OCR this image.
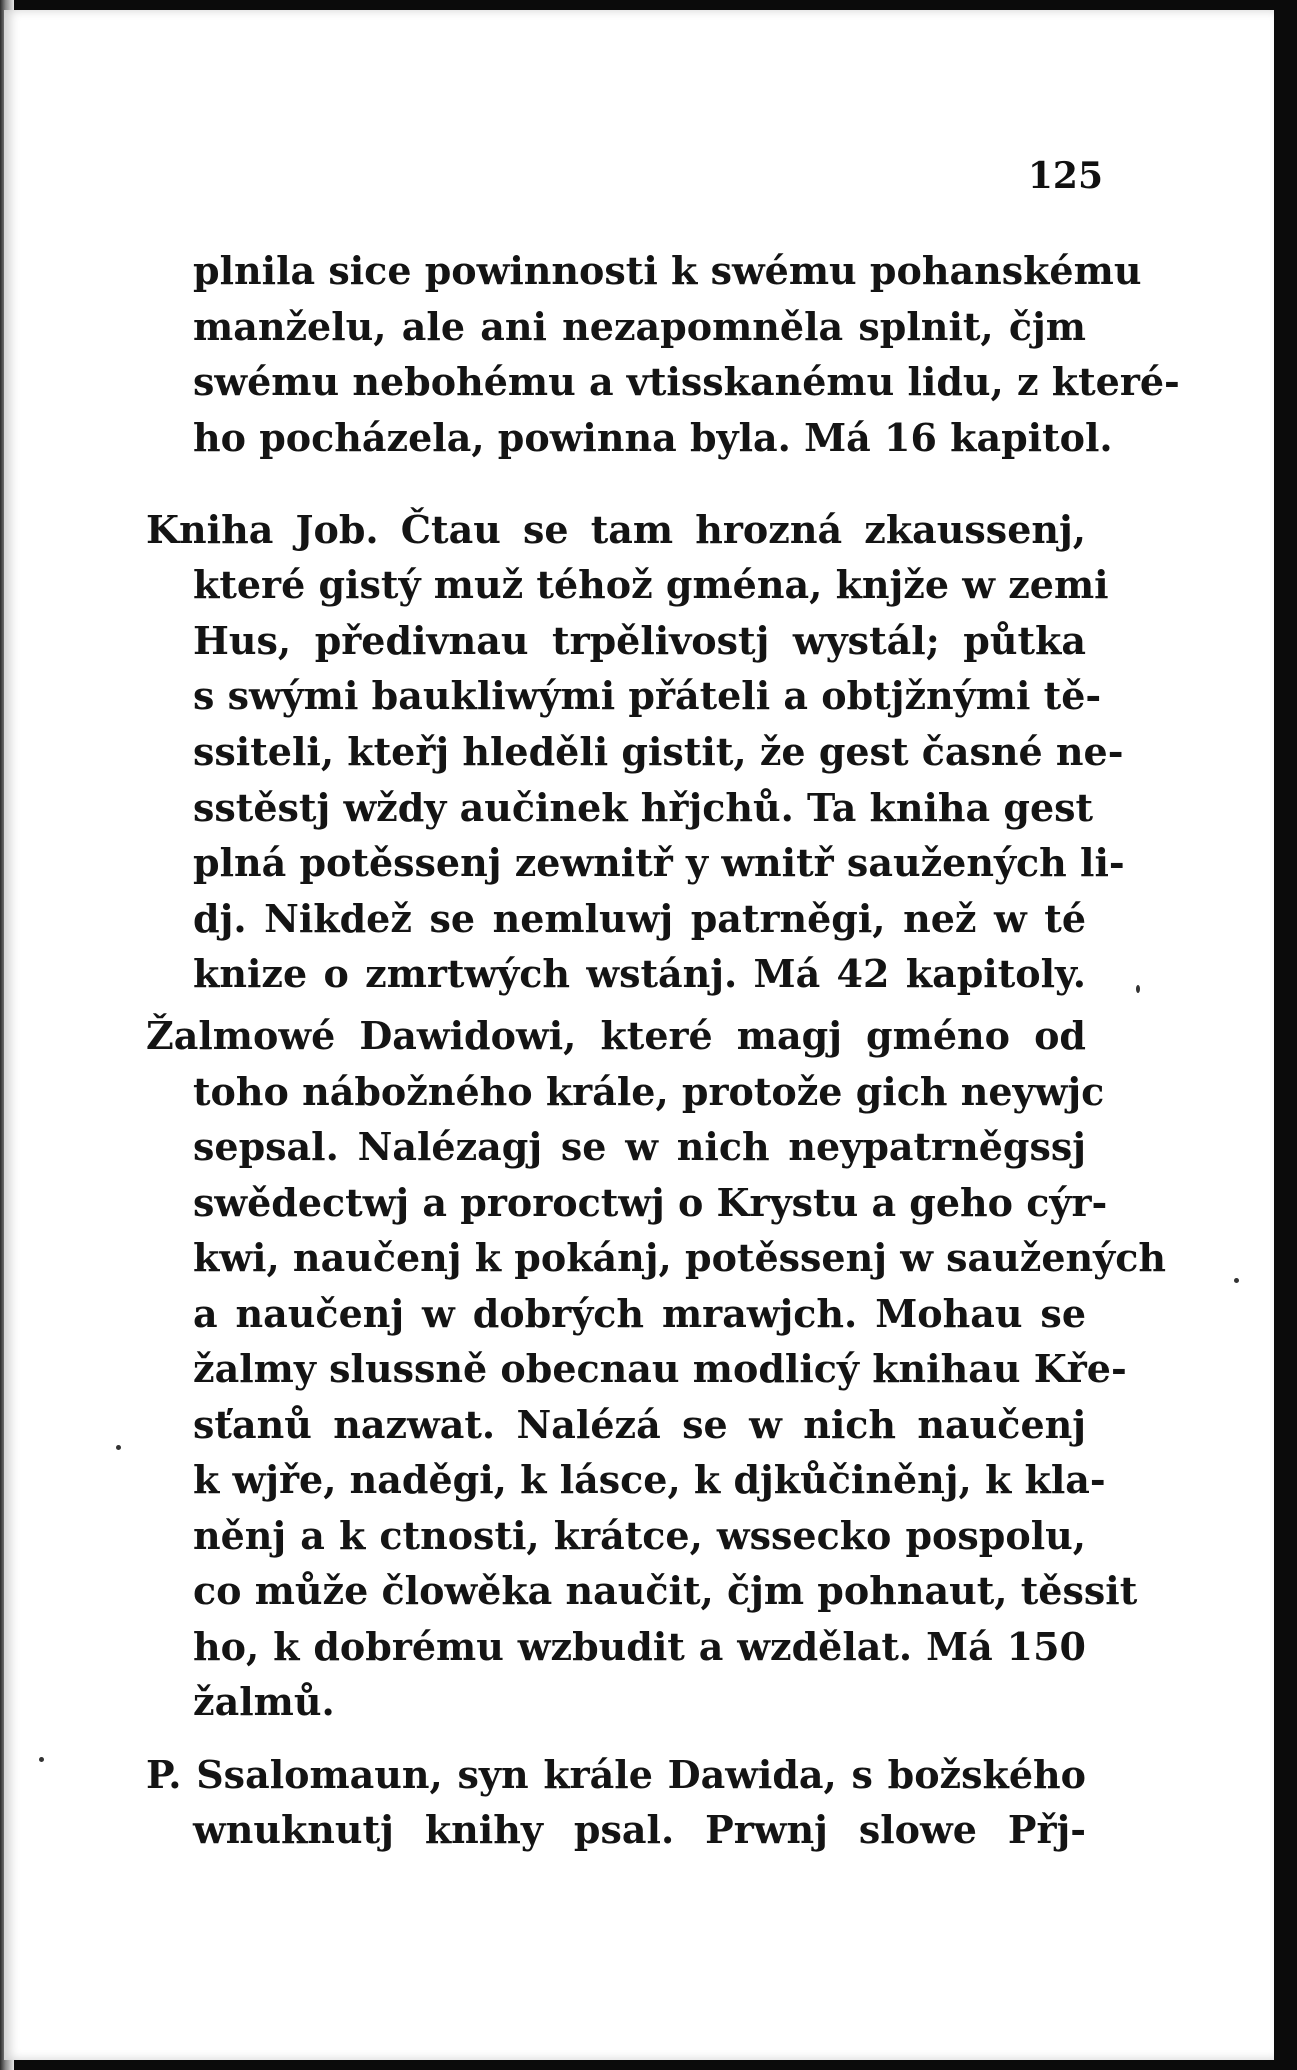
125
plnila sice powinnosti k swému pohanskému
manželu, ale ani nezapomněla splnit, čjm
swému nebohému a vtisskanému lidu, z které-
ho pocházela, powinna byla. Má 16 kapitol.
Kniha Job. Čtau se tam hrozná zkaussenj,
které gistý muž téhož gména, knjže w zemi
Hus, předivnau trpělivostj wystál; půtka
s swými baukliwými přáteli a obtjžnými tě-
ssiteli, kteřj hleděli gistit, že gest časné ne-
sstěstj wždy aučinek hřjchů. Ta kniha gest
plná potěssenj zewnitř y wnitř saužených li-
dj. Nikdež se nemluwj patrněgi, než w té
knize o zmrtwých wstánj. Má 42 kapitoly.
Žalmowé Dawidowi, které magj gméno od
toho nábožného krále, protože gich neywjc
sepsal. Nalézagj se w nich neypatrněgssj
swědectwj a proroctwj o Krystu a geho cýr-
kwi, naučenj k pokánj, potěssenj w saužených
a naučenj w dobrých mrawjch. Mohau se
žalmy slussně obecnau modlicý knihau Kře-
sťanů nazwat. Nalézá se w nich naučenj
k wjře, naděgi, k lásce, k djkůčiněnj, k kla-
něnj a k ctnosti, krátce, wssecko pospolu,
co může člowěka naučit, čjm pohnaut, těssit
ho, k dobrému wzbudit a wzdělat. Má 150
žalmů.
P. Ssalomaun, syn krále Dawida, s božského
wnuknutj knihy psal. Prwnj slowe Přj-
